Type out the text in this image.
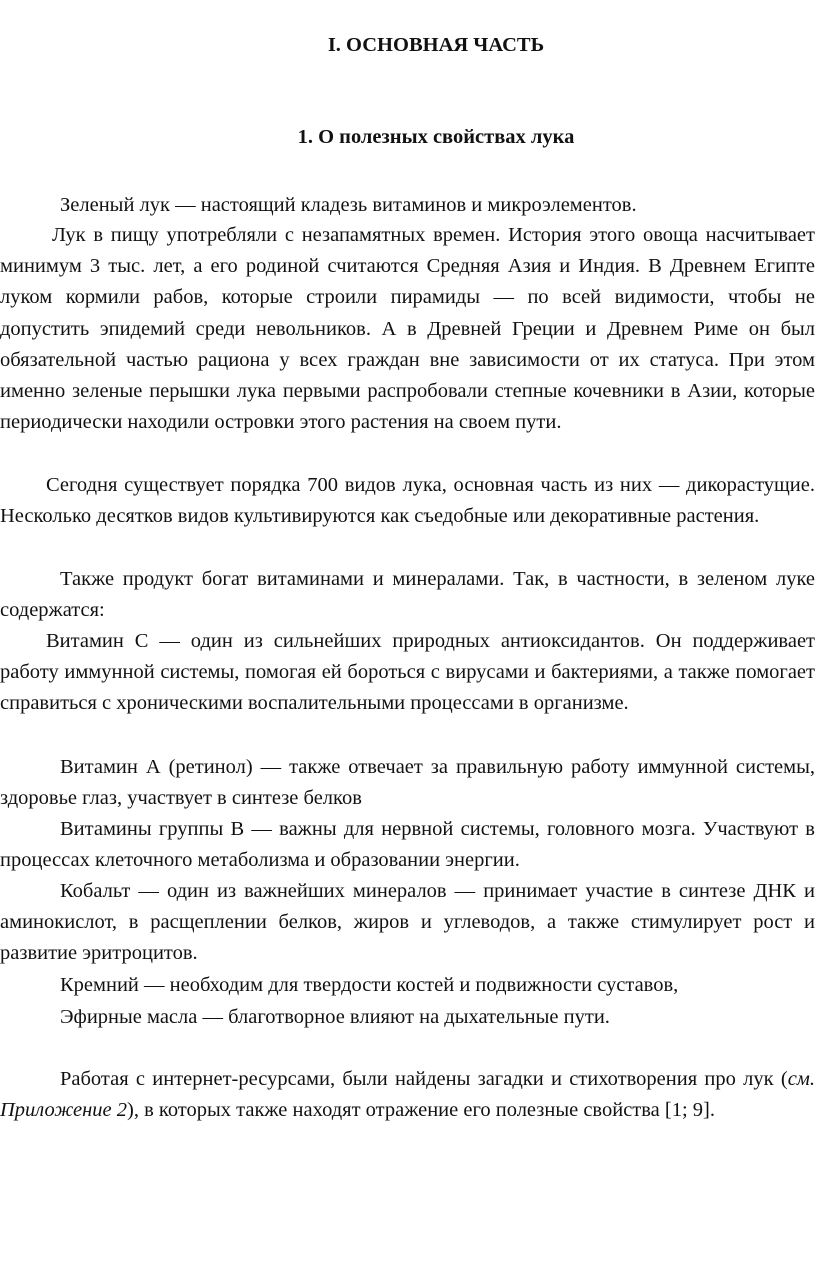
I. ОСНОВНАЯ ЧАСТЬ
1. О полезных свойствах лука

Зеленый лук — настоящий кладезь витаминов и микроэлементов.

Лук в пищу употребляли с незапамятных времен. История этого овоща насчитывает минимум 3 тыс. лет, а его родиной считаются Средняя Азия и Индия. В Древнем Египте луком кормили рабов, которые строили пирамиды — по всей видимости, чтобы не допустить эпидемий среди невольников. А в Древней Греции и Древнем Риме он был обязательной частью рациона у всех граждан вне зависимости от их статуса. При этом именно зеленые перышки лука первыми распробовали степные кочевники в Азии, которые периодически находили островки этого растения на своем пути.

Сегодня существует порядка 700 видов лука, основная часть из них — дикорастущие. Несколько десятков видов культивируются как съедобные или декоративные растения.

Также продукт богат витаминами и минералами. Так, в частности, в зеленом луке содержатся:

Витамин С — один из сильнейших природных антиоксидантов. Он поддерживает работу иммунной системы, помогая ей бороться с вирусами и бактериями, а также помогает справиться с хроническими воспалительными процессами в организме.

Витамин А (ретинол) — также отвечает за правильную работу иммунной системы, здоровье глаз, участвует в синтезе белков

Витамины группы В — важны для нервной системы, головного мозга. Участвуют в процессах клеточного метаболизма и образовании энергии.

Кобальт — один из важнейших минералов — принимает участие в синтезе ДНК и аминокислот, в расщеплении белков, жиров и углеводов, а также стимулирует рост и развитие эритроцитов.

Кремний — необходим для твердости костей и подвижности суставов,

Эфирные масла — благотворное влияют на дыхательные пути.

Работая с интернет-ресурсами, были найдены загадки и стихотворения про лук (см. Приложение 2), в которых также находят отражение его полезные свойства [1; 9].
